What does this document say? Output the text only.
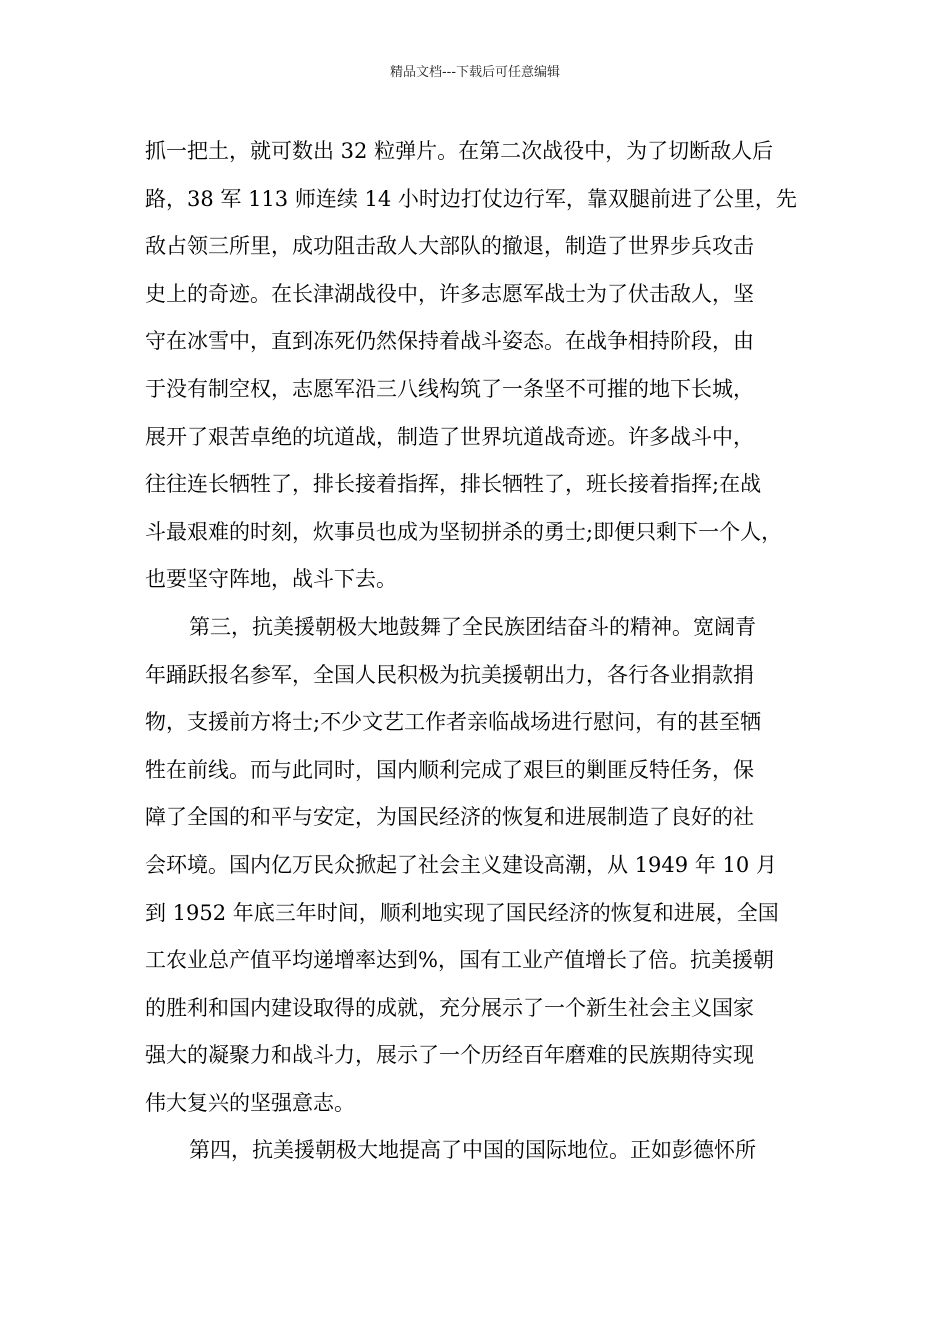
精品文档---下载后可任意编辑
抓一把土，就可数出 32 粒弹片。在第二次战役中，为了切断敌人后
路，38 军 113 师连续 14 小时边打仗边行军，靠双腿前进了公里，先
敌占领三所里，成功阻击敌人大部队的撤退，制造了世界步兵攻击
史上的奇迹。在长津湖战役中，许多志愿军战士为了伏击敌人，坚
守在冰雪中，直到冻死仍然保持着战斗姿态。在战争相持阶段，由
于没有制空权，志愿军沿三八线构筑了一条坚不可摧的地下长城，
展开了艰苦卓绝的坑道战，制造了世界坑道战奇迹。许多战斗中，
往往连长牺牲了，排长接着指挥，排长牺牲了，班长接着指挥;在战
斗最艰难的时刻，炊事员也成为坚韧拼杀的勇士;即便只剩下一个人，
也要坚守阵地，战斗下去。
第三，抗美援朝极大地鼓舞了全民族团结奋斗的精神。宽阔青
年踊跃报名参军，全国人民积极为抗美援朝出力，各行各业捐款捐
物，支援前方将士;不少文艺工作者亲临战场进行慰问，有的甚至牺
牲在前线。而与此同时，国内顺利完成了艰巨的剿匪反特任务，保
障了全国的和平与安定，为国民经济的恢复和进展制造了良好的社
会环境。国内亿万民众掀起了社会主义建设高潮，从 1949 年 10 月
到 1952 年底三年时间，顺利地实现了国民经济的恢复和进展，全国
工农业总产值平均递增率达到%，国有工业产值增长了倍。抗美援朝
的胜利和国内建设取得的成就，充分展示了一个新生社会主义国家
强大的凝聚力和战斗力，展示了一个历经百年磨难的民族期待实现
伟大复兴的坚强意志。
第四，抗美援朝极大地提高了中国的国际地位。正如彭德怀所
